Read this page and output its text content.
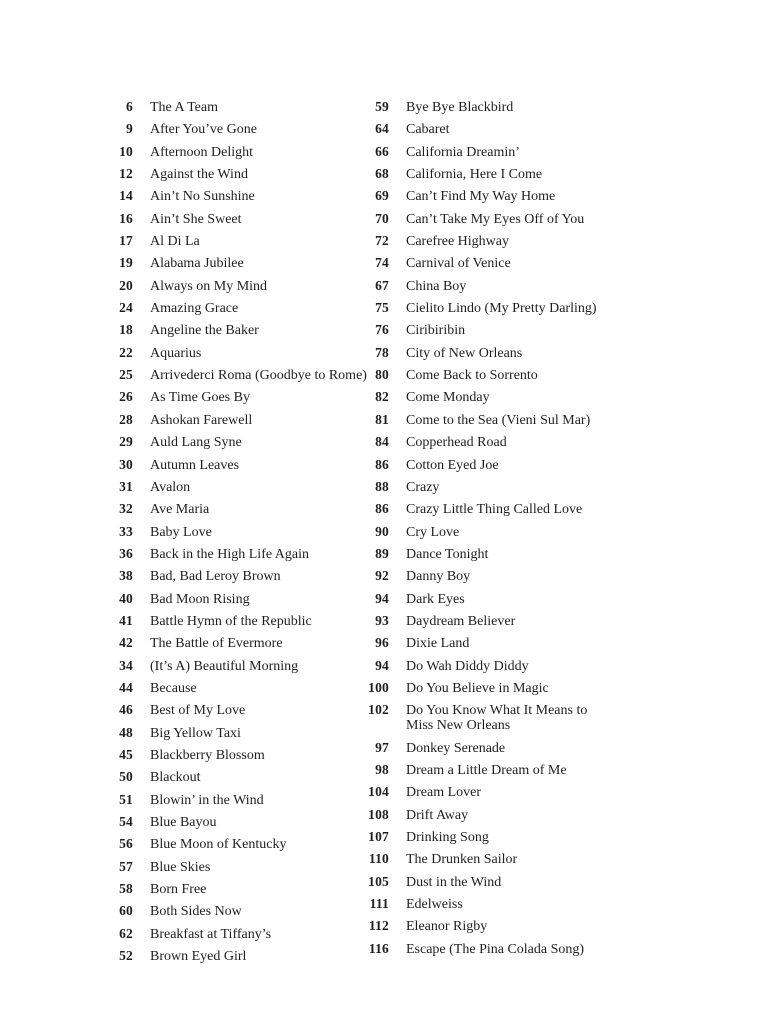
6 The A Team
9 After You’ve Gone
10 Afternoon Delight
12 Against the Wind
14 Ain’t No Sunshine
16 Ain’t She Sweet
17 Al Di La
19 Alabama Jubilee
20 Always on My Mind
24 Amazing Grace
18 Angeline the Baker
22 Aquarius
25 Arrivederci Roma (Goodbye to Rome)
26 As Time Goes By
28 Ashokan Farewell
29 Auld Lang Syne
30 Autumn Leaves
31 Avalon
32 Ave Maria
33 Baby Love
36 Back in the High Life Again
38 Bad, Bad Leroy Brown
40 Bad Moon Rising
41 Battle Hymn of the Republic
42 The Battle of Evermore
34 (It’s A) Beautiful Morning
44 Because
46 Best of My Love
48 Big Yellow Taxi
45 Blackberry Blossom
50 Blackout
51 Blowin’ in the Wind
54 Blue Bayou
56 Blue Moon of Kentucky
57 Blue Skies
58 Born Free
60 Both Sides Now
62 Breakfast at Tiffany’s
52 Brown Eyed Girl
59 Bye Bye Blackbird
64 Cabaret
66 California Dreamin’
68 California, Here I Come
69 Can’t Find My Way Home
70 Can’t Take My Eyes Off of You
72 Carefree Highway
74 Carnival of Venice
67 China Boy
75 Cielito Lindo (My Pretty Darling)
76 Ciribiribin
78 City of New Orleans
80 Come Back to Sorrento
82 Come Monday
81 Come to the Sea (Vieni Sul Mar)
84 Copperhead Road
86 Cotton Eyed Joe
88 Crazy
86 Crazy Little Thing Called Love
90 Cry Love
89 Dance Tonight
92 Danny Boy
94 Dark Eyes
93 Daydream Believer
96 Dixie Land
94 Do Wah Diddy Diddy
100 Do You Believe in Magic
102 Do You Know What It Means to Miss New Orleans
97 Donkey Serenade
98 Dream a Little Dream of Me
104 Dream Lover
108 Drift Away
107 Drinking Song
110 The Drunken Sailor
105 Dust in the Wind
111 Edelweiss
112 Eleanor Rigby
116 Escape (The Pina Colada Song)
